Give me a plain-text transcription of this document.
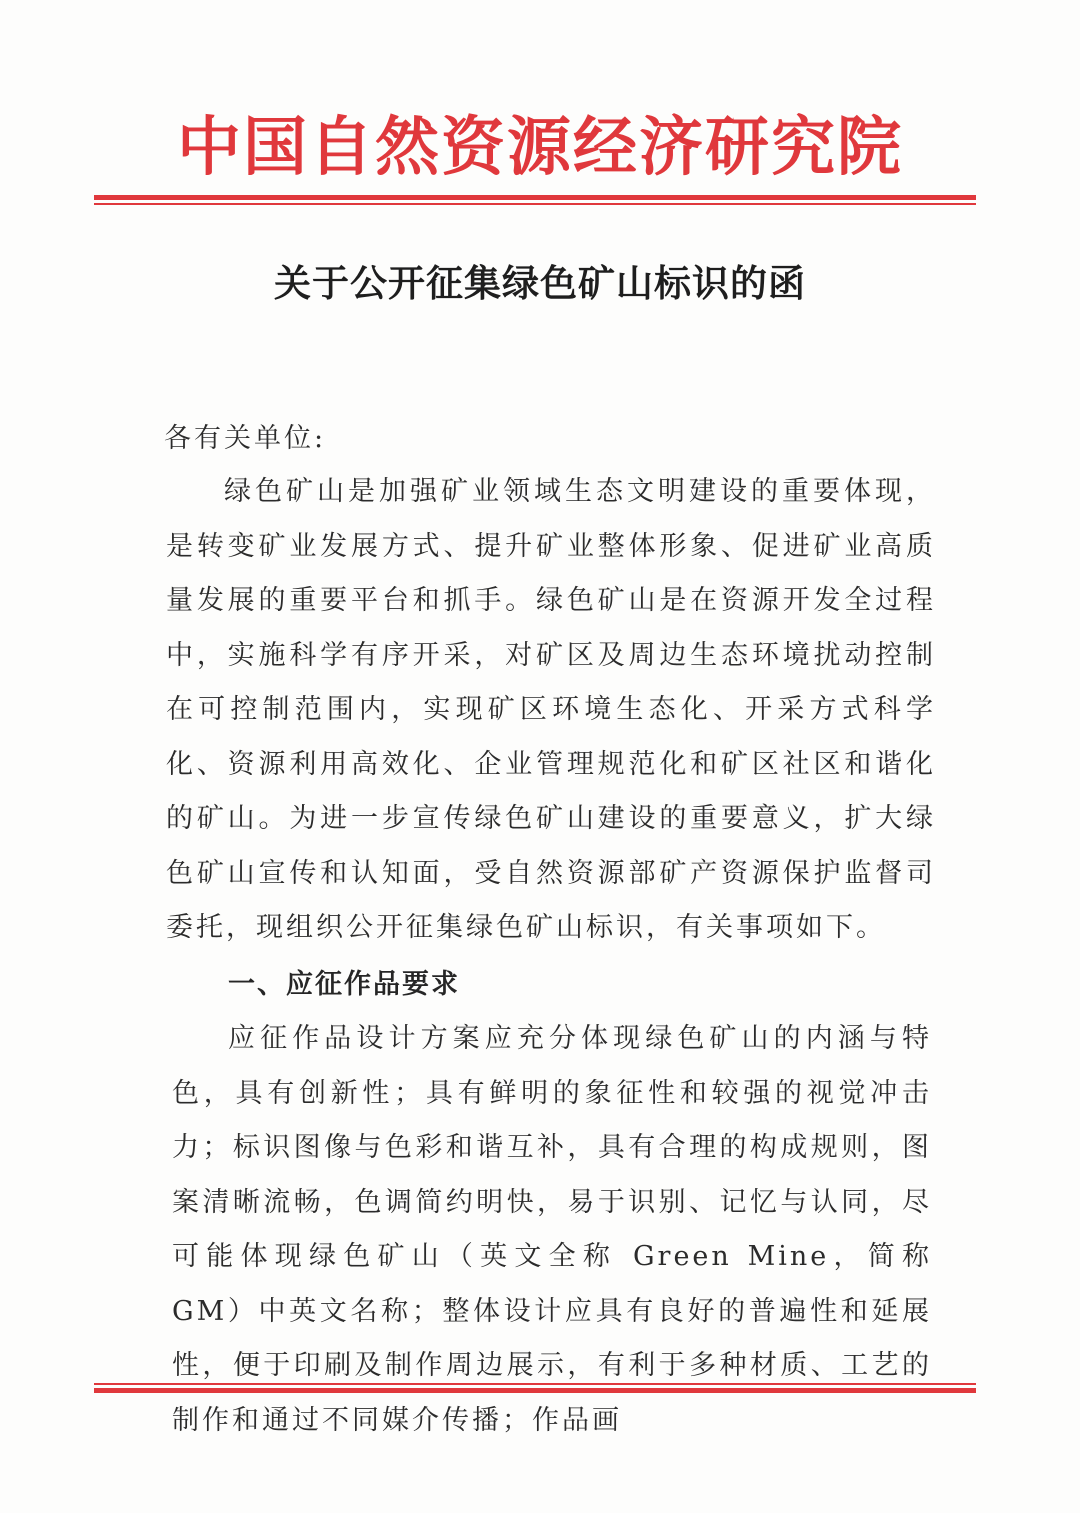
中国自然资源经济研究院
关于公开征集绿色矿山标识的函
各有关单位:
绿色矿山是加强矿业领域生态文明建设的重要体现，是转变矿业发展方式、提升矿业整体形象、促进矿业高质量发展的重要平台和抓手。绿色矿山是在资源开发全过程中，实施科学有序开采，对矿区及周边生态环境扰动控制在可控制范围内，实现矿区环境生态化、开采方式科学化、资源利用高效化、企业管理规范化和矿区社区和谐化的矿山。为进一步宣传绿色矿山建设的重要意义，扩大绿色矿山宣传和认知面，受自然资源部矿产资源保护监督司委托，现组织公开征集绿色矿山标识，有关事项如下。
一、应征作品要求
应征作品设计方案应充分体现绿色矿山的内涵与特色，具有创新性；具有鲜明的象征性和较强的视觉冲击力；标识图像与色彩和谐互补，具有合理的构成规则，图案清晰流畅，色调简约明快，易于识别、记忆与认同，尽可能体现绿色矿山（英文全称 Green Mine，简称 GM）中英文名称；整体设计应具有良好的普遍性和延展性，便于印刷及制作周边展示，有利于多种材质、工艺的制作和通过不同媒介传播；作品画
